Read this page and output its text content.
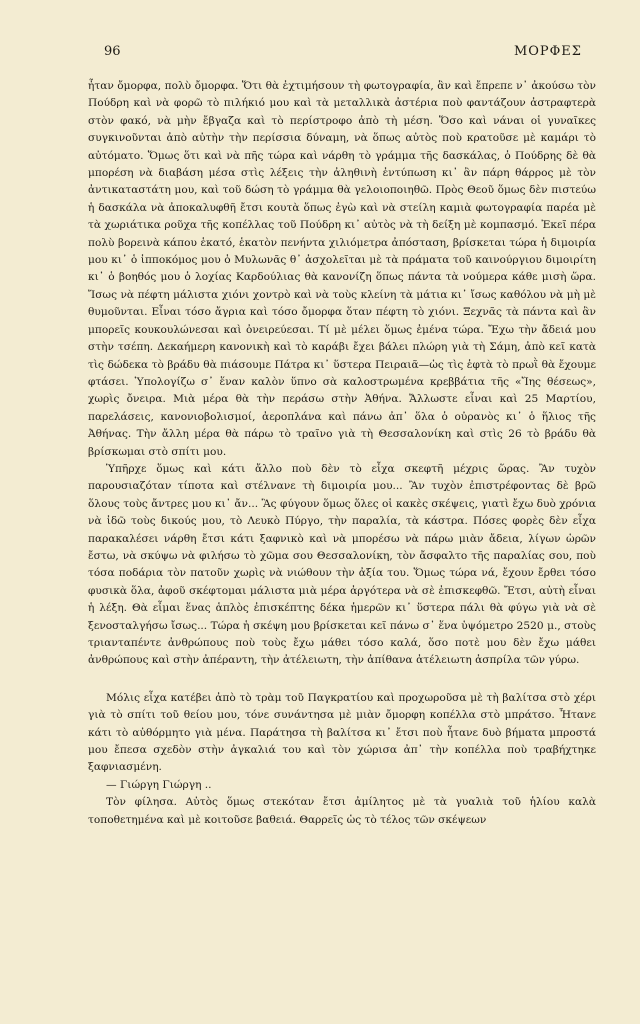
96	ΜΟΡΦΕΣ

ἦταν ὄμορφα, πολὺ ὄμορφα. Ὅτι θὰ ἐχτιμήσουν τὴ φωτογραφία, ἂν καὶ ἔπρεπε ν᾿ ἀκούσω τὸν Πούδρη καὶ νὰ φορῶ τὸ πιλήκιό μου καὶ τὰ μεταλλικὰ ἀστέρια ποὺ φαντάζουν ἀστραφτερὰ στὸν φακό, νὰ μὴν ἔβγαζα καὶ τὸ περίστροφο ἀπὸ τὴ μέση. Ὅσο καὶ νάναι οἱ γυναῖκες συγκινοῦνται ἀπὸ αὐτὴν τὴν περίσσια δύναμη, νὰ ὅπως αὐτὸς ποὺ κρατοῦσε μὲ καμάρι τὸ αὐτόματο. Ὅμως ὅτι καὶ νὰ πῆς τώρα καὶ νάρθη τὸ γράμμα τῆς δασκάλας, ὁ Πούδρης δὲ θὰ μπορέση νὰ διαβάση μέσα στὶς λέξεις τὴν ἀληθινὴ ἐντύπωση κι᾿ ἂν πάρη θάρρος μὲ τὸν ἀντικαταστάτη μου, καὶ τοῦ δώση τὸ γράμμα θὰ γελοιοποιηθῶ. Πρὸς Θεοῦ ὅμως δὲν πιστεύω ἡ δασκάλα νὰ ἀποκαλυφθῆ ἔτσι κουτὰ ὅπως ἐγὼ καὶ νὰ στείλη καμιὰ φωτογραφία παρέα μὲ τὰ χωριάτικα ροῦχα τῆς κοπέλλας τοῦ Πούδρη κι᾿ αὐτὸς νὰ τὴ δείξη μὲ κομπασμό. Ἐκεῖ πέρα πολὺ βορεινὰ κάπου ἑκατό, ἑκατὸν πενήντα χιλιόμετρα ἀπόσταση, βρίσκεται τώρα ἡ διμοιρία μου κι᾿ ὁ ἱπποκόμος μου ὁ Μυλωνᾶς θ᾿ ἀσχολεῖται μὲ τὰ πράματα τοῦ καινούργιου διμοιρίτη κι᾿ ὁ βοηθός μου ὁ λοχίας Καρδούλιας θὰ κανονίζη ὅπως πάντα τὰ νούμερα κάθε μισὴ ὥρα. Ἴσως νὰ πέφτη μάλιστα χιόνι χοντρὸ καὶ νὰ τοὺς κλείνη τὰ μάτια κι᾿ ἴσως καθόλου νὰ μὴ μὲ θυμοῦνται. Εἶναι τόσο ἄγρια καὶ τόσο ὄμορφα ὅταν πέφτη τὸ χιόνι. Ξεχνᾶς τὰ πάντα καὶ ἂν μπορεῖς κουκουλώνεσαι καὶ ὀνειρεύεσαι. Τί μὲ μέλει ὅμως ἐμένα τώρα. Ἔχω τὴν ἄδειά μου στὴν τσέπη. Δεκαήμερη κανονικὴ καὶ τὸ καράβι ἔχει βάλει πλώρη γιὰ τὴ Σάμη, ἀπὸ κεῖ κατὰ τὶς δώδεκα τὸ βράδυ θὰ πιάσουμε Πάτρα κι᾿ ὕστερα Πειραιᾶ—ὡς τὶς ἑφτὰ τὸ πρωῒ θὰ ἔχουμε φτάσει. Ὑπολογίζω σ᾿ ἕναν καλὸν ὕπνο σὰ καλοστρωμένα κρεββάτια τῆς «Ἴης θέσεως», χωρὶς ὄνειρα. Μιὰ μέρα θὰ τὴν περάσω στὴν Ἀθήνα. Ἄλλωστε εἶναι καὶ 25 Μαρτίου, παρελάσεις, κανονιοβολισμοί, ἀεροπλάνα καὶ πάνω ἀπ᾿ ὅλα ὁ οὐρανὸς κι᾿ ὁ ἥλιος τῆς Ἀθήνας. Τὴν ἄλλη μέρα θὰ πάρω τὸ τραῖνο γιὰ τὴ Θεσσαλονίκη καὶ στὶς 26 τὸ βράδυ θὰ βρίσκωμαι στὸ σπίτι μου.

Ὑπῆρχε ὅμως καὶ κάτι ἄλλο ποὺ δὲν τὸ εἶχα σκεφτῆ μέχρις ὥρας. Ἂν τυχὸν παρουσιαζόταν τίποτα καὶ στέλνανε τὴ διμοιρία μου... Ἂν τυχὸν ἐπιστρέφοντας δὲ βρῶ ὅλους τοὺς ἄντρες μου κι᾿ ἄν... Ἂς φύγουν ὅμως ὅλες οἱ κακὲς σκέψεις, γιατὶ ἔχω δυὸ χρόνια νὰ ἰδῶ τοὺς δικούς μου, τὸ Λευκὸ Πύργο, τὴν παραλία, τὰ κάστρα. Πόσες φορὲς δὲν εἶχα παρακαλέσει νάρθη ἔτσι κάτι ξαφνικὸ καὶ νὰ μπορέσω νὰ πάρω μιὰν ἄδεια, λίγων ὡρῶν ἔστω, νὰ σκύψω νὰ φιλήσω τὸ χῶμα σου Θεσσαλονίκη, τὸν ἄσφαλτο τῆς παραλίας σου, ποὺ τόσα ποδάρια τὸν πατοῦν χωρὶς νὰ νιώθουν τὴν ἀξία του. Ὅμως τώρα νά, ἔχουν ἔρθει τόσο φυσικὰ ὅλα, ἀφοῦ σκέφτομαι μάλιστα μιὰ μέρα ἀργότερα νὰ σὲ ἐπισκεφθῶ. Ἔτσι, αὐτὴ εἶναι ἡ λέξη. Θὰ εἶμαι ἕνας ἁπλὸς ἐπισκέπτης δέκα ἡμερῶν κι᾿ ὕστερα πάλι θὰ φύγω γιὰ νὰ σὲ ξενοσταλγήσω ἴσως... Τώρα ἡ σκέψη μου βρίσκεται κεῖ πάνω σ᾿ ἕνα ὑψόμετρο 2520 μ., στοὺς τριανταπέντε ἀνθρώπους ποὺ τοὺς ἔχω μάθει τόσο καλά, ὅσο ποτὲ μου δὲν ἔχω μάθει ἀνθρώπους καὶ στὴν ἀπέραντη, τὴν ἀτέλειωτη, τὴν ἀπίθανα ἀτέλειωτη ἀσπρίλα τῶν γύρω.

Μόλις εἶχα κατέβει ἀπὸ τὸ τρὰμ τοῦ Παγκρατίου καὶ προχωροῦσα μὲ τὴ βαλίτσα στὸ χέρι γιὰ τὸ σπίτι τοῦ θείου μου, τόνε συνάντησα μὲ μιὰν ὄμορφη κοπέλλα στὸ μπράτσο. Ἦτανε κάτι τὸ αὐθόρμητο γιὰ μένα. Παράτησα τὴ βαλίτσα κι᾿ ἔτσι ποὺ ἦτανε δυὸ βήματα μπροστά μου ἔπεσα σχεδὸν στὴν ἀγκαλιά του καὶ τὸν χώρισα ἀπ᾿ τὴν κοπέλλα ποὺ τραβήχτηκε ξαφνιασμένη.

— Γιώργη Γιώργη ..

Τὸν φίλησα. Αὐτὸς ὅμως στεκόταν ἔτσι ἀμίλητος μὲ τὰ γυαλιὰ τοῦ ἡλίου καλὰ τοποθετημένα καὶ μὲ κοιτοῦσε βαθειά. Θαρρεῖς ὡς τὸ τέλος τῶν σκέψεων
